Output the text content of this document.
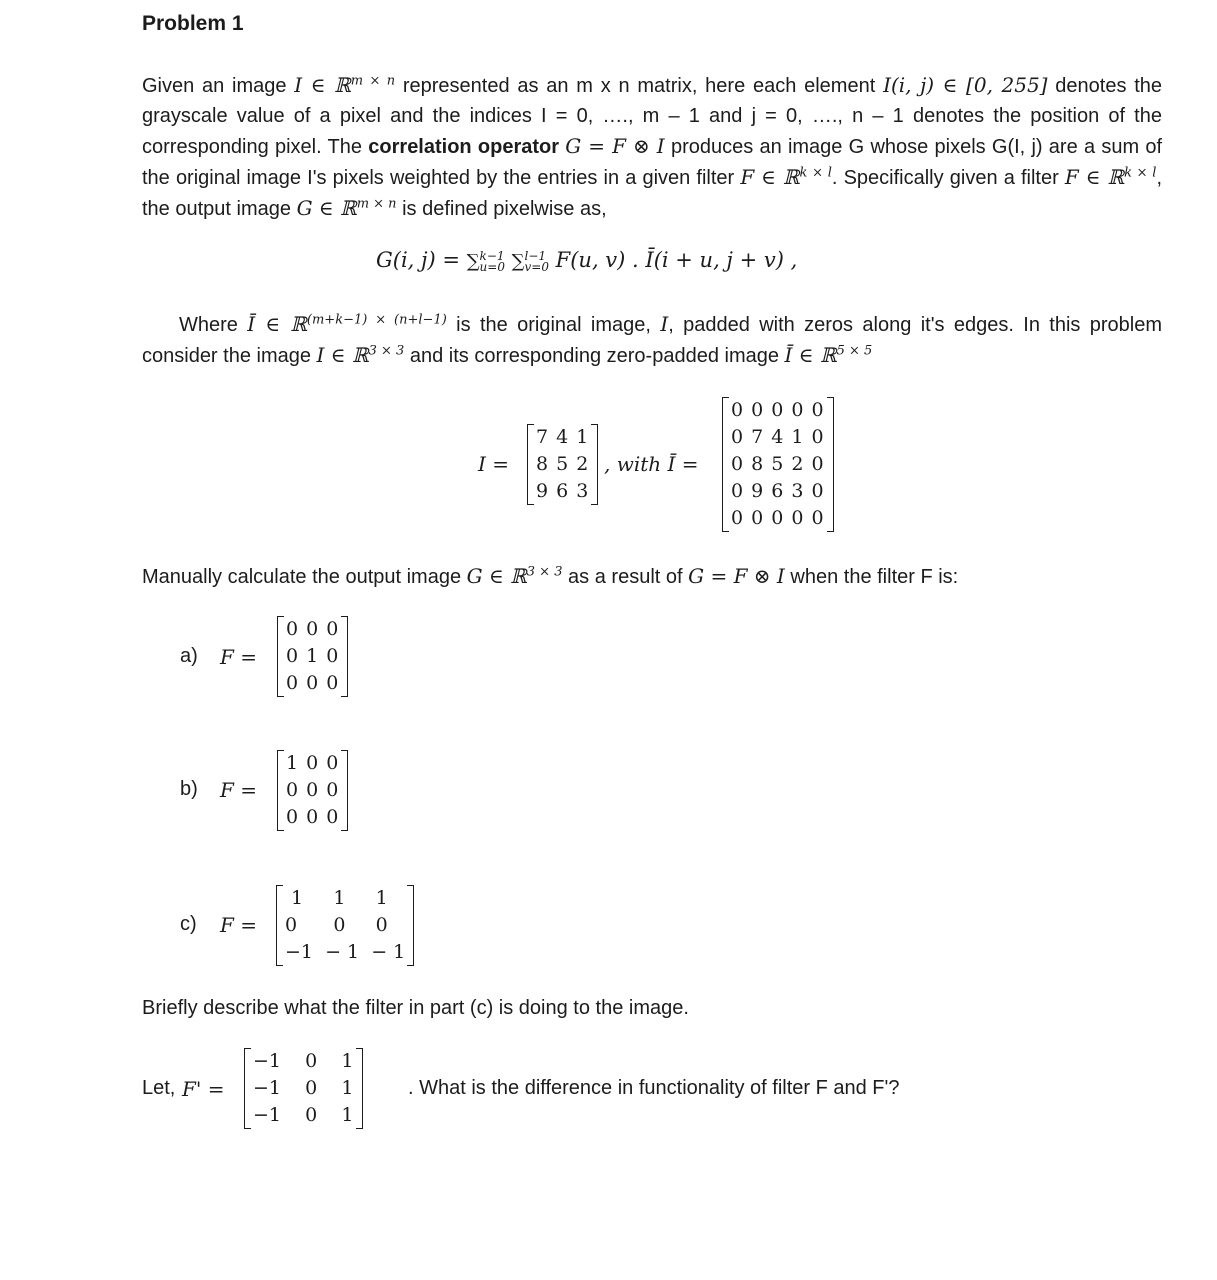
Problem 1
Given an image I ∈ ℝ$^{m \times n}$ represented as an m x n matrix, here each element I(i, j) ∈ [0, 255] denotes the grayscale value of a pixel and the indices I = 0, …., m – 1 and j = 0, …., n – 1 denotes the position of the corresponding pixel. The correlation operator G = F ⊗ I produces an image G whose pixels G(I, j) are a sum of the original image I's pixels weighted by the entries in a given filter F ∈ ℝ$^{k \times l}$. Specifically given a filter F ∈ ℝ$^{k \times l}$, the output image G ∈ ℝ$^{m \times n}$ is defined pixelwise as,
G(i, j) = ∑k−1
u=0 ∑l−1
v=0 F(u, v) . Ī(i + u, j + v) ,
Where Ī ∈ ℝ$^{(m+k-1) \times (n+l-1)}$ is the original image, I, padded with zeros along it's edges. In this problem consider the image I ∈ ℝ$^{3 \times 3}$ and its corresponding zero-padded image Ī ∈ ℝ$^{5 \times 5}$
I =
7 4 1
8 5 2
9 6 3
, with Ī =
0 0 0 0 0
0 7 4 1 0
0 8 5 2 0
0 9 6 3 0
0 0 0 0 0
Manually calculate the output image G ∈ ℝ$^{3 \times 3}$ as a result of G = F ⊗ I when the filter F is:
a) F =
0 0 0
0 1 0
0 0 0
b) F =
1 0 0
0 0 0
0 0 0
c) F =
1     1     1
0      0     0
−1  − 1  − 1
Briefly describe what the filter in part (c) is doing to the image.
Let, F' =
−1    0    1
−1    0    1
−1    0    1
. What is the difference in functionality of filter F and F'?
